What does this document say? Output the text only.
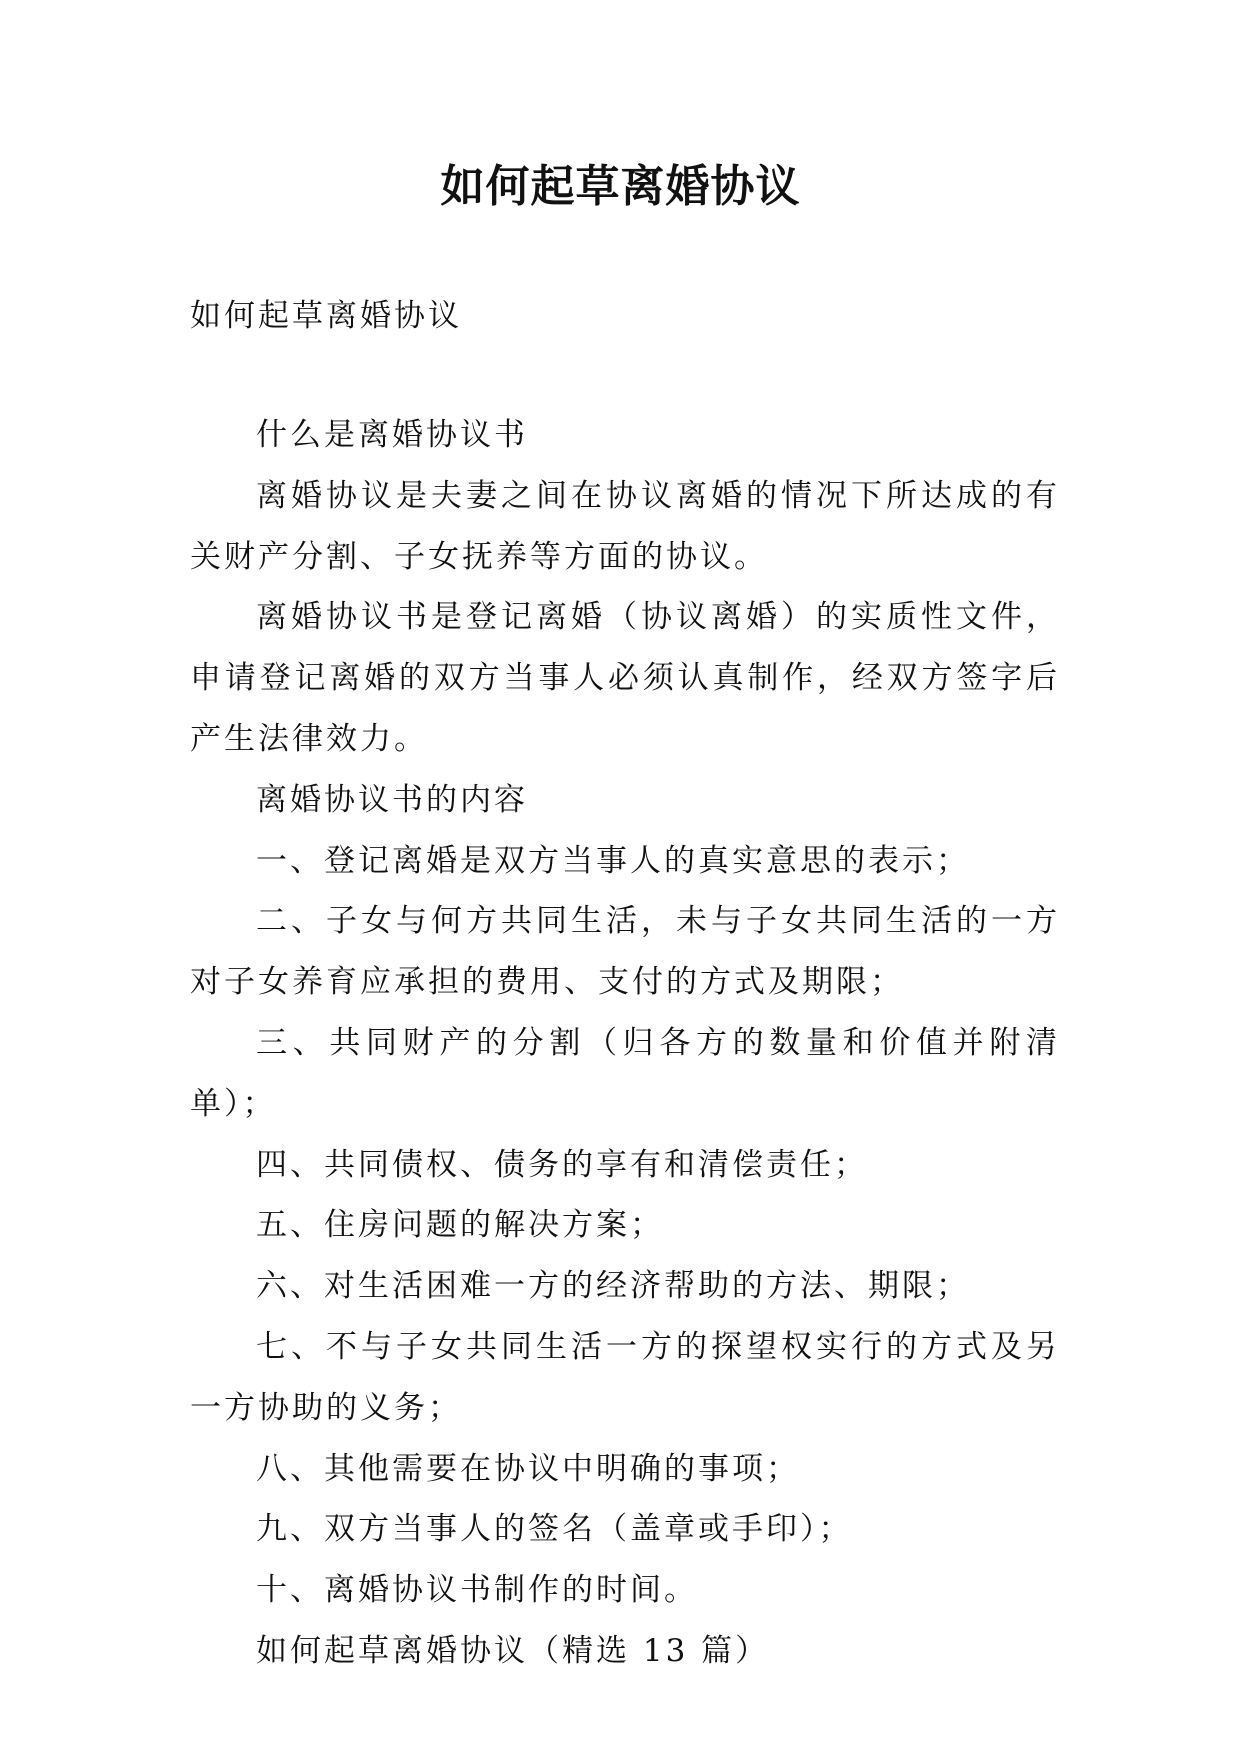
如何起草离婚协议
如何起草离婚协议

什么是离婚协议书

离婚协议是夫妻之间在协议离婚的情况下所达成的有关财产分割、子女抚养等方面的协议。

离婚协议书是登记离婚（协议离婚）的实质性文件，申请登记离婚的双方当事人必须认真制作，经双方签字后产生法律效力。

离婚协议书的内容

一、登记离婚是双方当事人的真实意思的表示；

二、子女与何方共同生活，未与子女共同生活的一方对子女养育应承担的费用、支付的方式及期限；

三、共同财产的分割（归各方的数量和价值并附清单）；

四、共同债权、债务的享有和清偿责任；

五、住房问题的解决方案；

六、对生活困难一方的经济帮助的方法、期限；

七、不与子女共同生活一方的探望权实行的方式及另一方协助的义务；

八、其他需要在协议中明确的事项；

九、双方当事人的签名（盖章或手印）；

十、离婚协议书制作的时间。

如何起草离婚协议（精选 13 篇）
